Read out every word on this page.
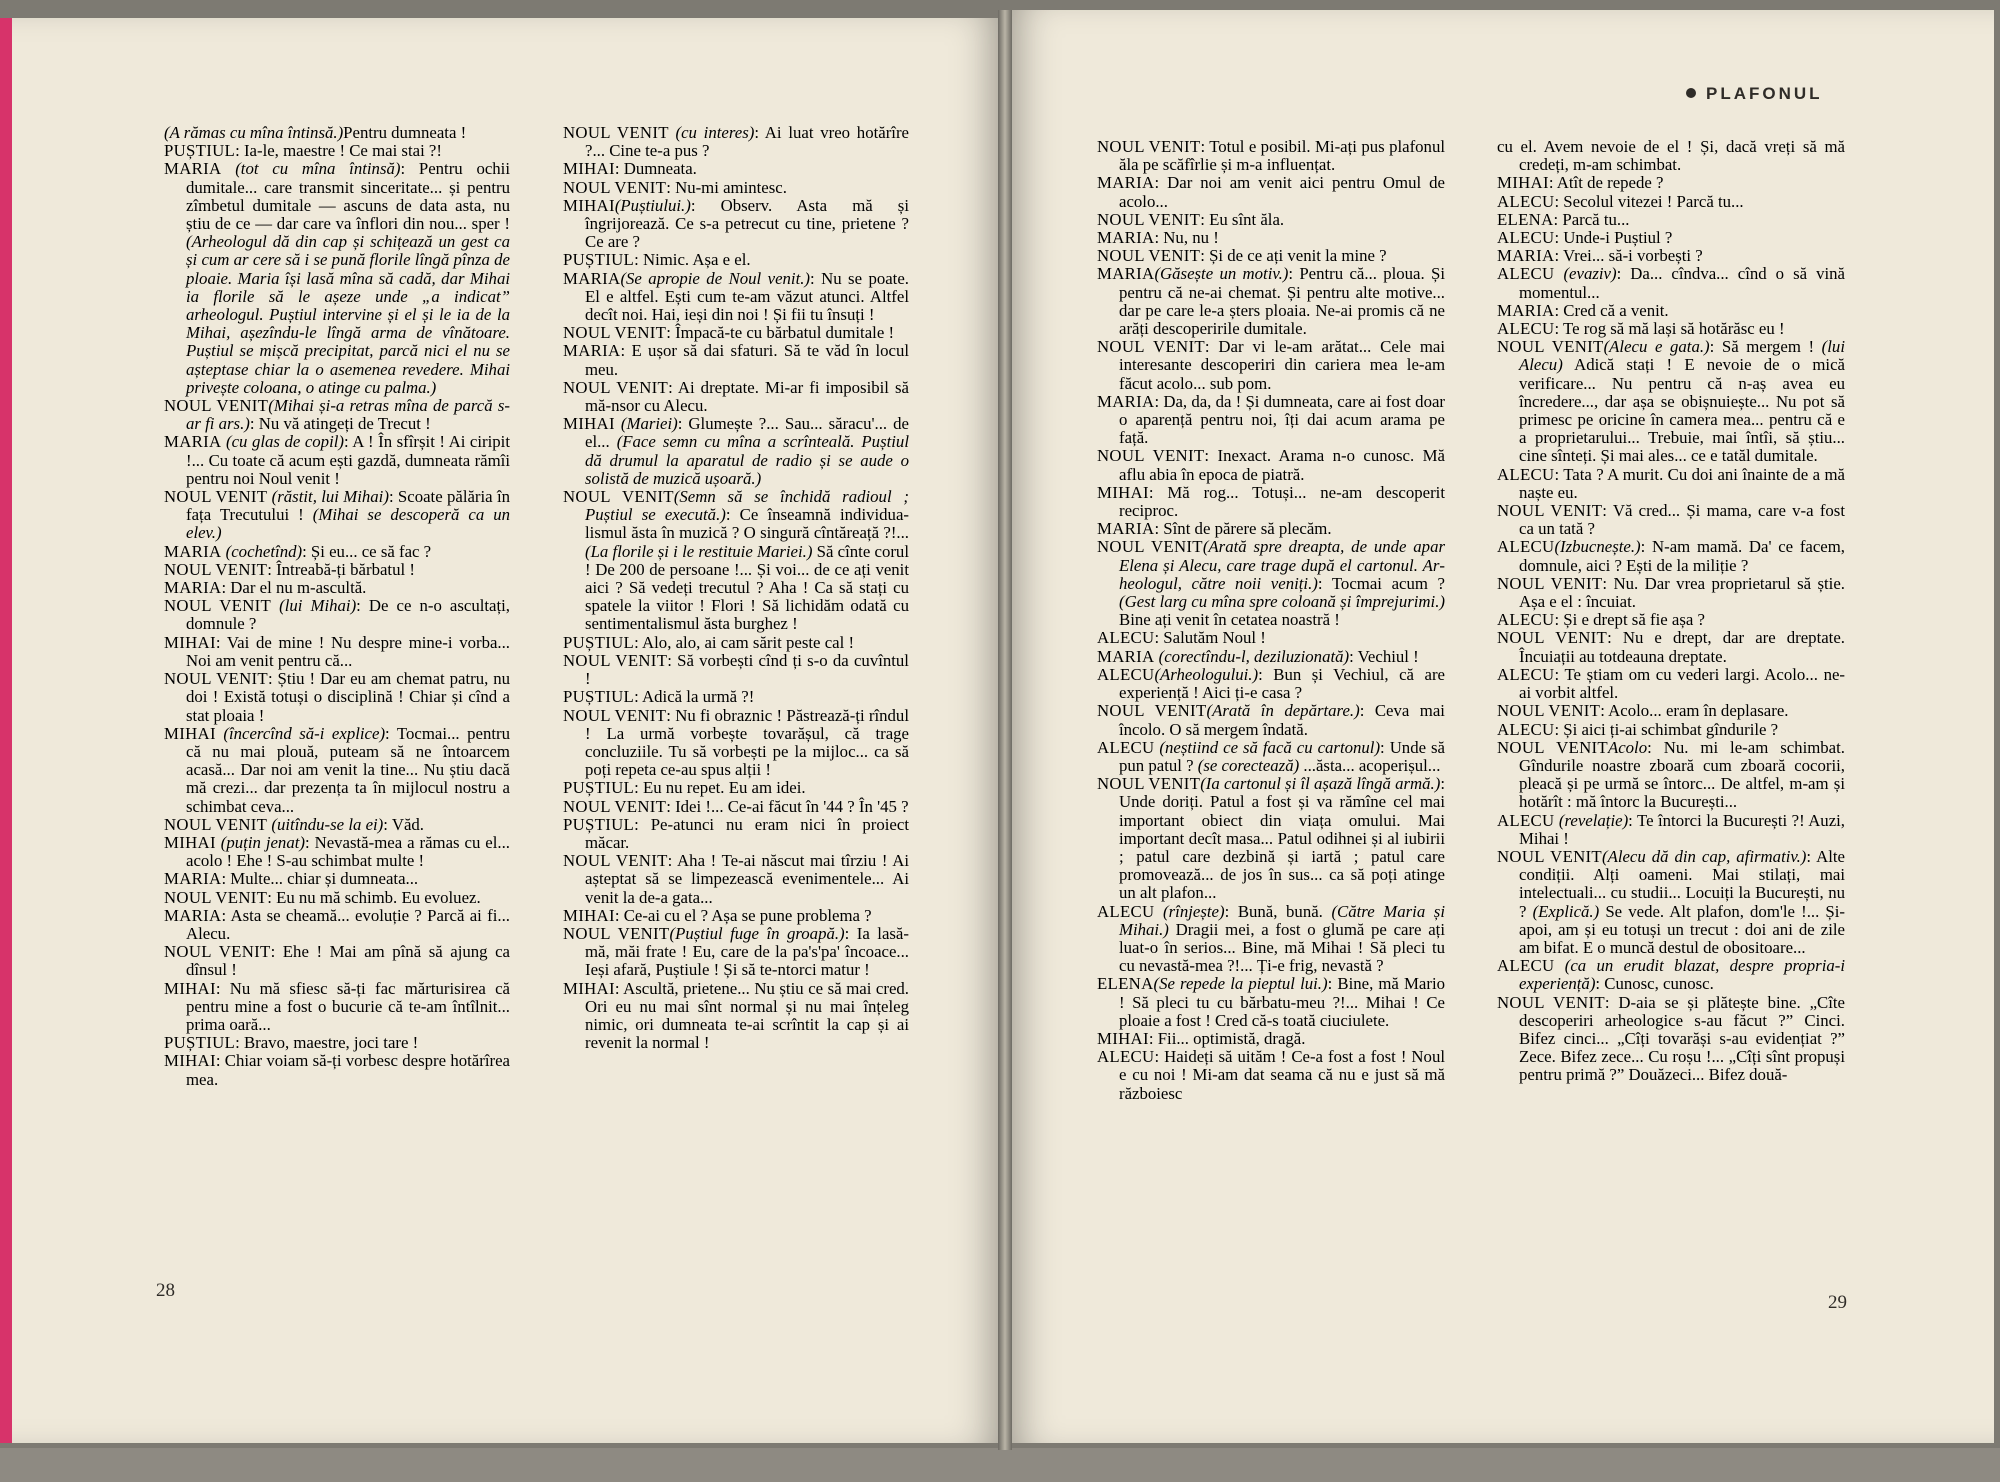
PLAFONUL

(A rămas cu mîna întinsă.)Pentru dumneata !

PUȘTIUL: Ia-le, maestre ! Ce mai stai ?!

MARIA (tot cu mîna întinsă): Pentru ochii dumitale... care transmit sinceritate... și pentru zîmbetul dumitale — ascuns de data asta, nu știu de ce — dar care va înflori din nou... sper ! (Arheologul dă din cap și schițează un gest ca și cum ar cere să i se pună florile lîngă pînza de ploaie. Maria își lasă mîna să cadă, dar Mihai ia florile să le așeze unde „a indicat” arheologul. Puștiul intervine și el și le ia de la Mihai, așezîndu-le lîngă arma de vînătoare. Puștiul se mișcă precipitat, parcă nici el nu se așteptase chiar la o asemenea revedere. Mihai privește coloana, o atinge cu palma.)

NOUL VENIT(Mihai și-a retras mîna de parcă s-ar fi ars.): Nu vă atingeți de Trecut !

MARIA (cu glas de copil): A ! În sfîrșit ! Ai ciripit !... Cu toate că acum ești gazdă, dumneata rămîi pentru noi Noul venit !

NOUL VENIT (răstit, lui Mihai): Scoate pălăria în fața Trecutului ! (Mihai se descoperă ca un elev.)

MARIA (cochetînd): Și eu... ce să fac ?

NOUL VENIT: Întreabă-ți bărbatul !

MARIA: Dar el nu m-ascultă.

NOUL VENIT (lui Mihai): De ce n-o ascultați, domnule ?

MIHAI: Vai de mine ! Nu despre mine-i vorba... Noi am venit pentru că...

NOUL VENIT: Știu ! Dar eu am chemat patru, nu doi ! Există totuși o disciplină ! Chiar și cînd a stat ploaia !

MIHAI (încercînd să-i explice): Tocmai... pentru că nu mai plouă, puteam să ne întoarcem acasă... Dar noi am venit la tine... Nu știu dacă mă crezi... dar prezența ta în mijlocul nostru a schimbat ceva...

NOUL VENIT (uitîndu-se la ei): Văd.

MIHAI (puțin jenat): Nevastă-mea a rămas cu el... acolo ! Ehe ! S-au schimbat multe !

MARIA: Multe... chiar și dumneata...

NOUL VENIT: Eu nu mă schimb. Eu evoluez.

MARIA: Asta se cheamă... evoluție ? Parcă ai fi... Alecu.

NOUL VENIT: Ehe ! Mai am pînă să ajung ca dînsul !

MIHAI: Nu mă sfiesc să-ți fac mărturisirea că pentru mine a fost o bucurie că te-am întîlnit... prima oară...

PUȘTIUL: Bravo, maestre, joci tare !

MIHAI: Chiar voiam să-ți vorbesc despre hotărîrea mea.

NOUL VENIT (cu interes): Ai luat vreo hotărîre ?... Cine te-a pus ?

MIHAI: Dumneata.

NOUL VENIT: Nu-mi amintesc.

MIHAI(Puștiului.): Observ. Asta mă și îngrijorează. Ce s-a petrecut cu tine, prietene ? Ce are ?

PUȘTIUL: Nimic. Așa e el.

MARIA(Se apropie de Noul venit.): Nu se poate. El e altfel. Ești cum te-am văzut atunci. Altfel decît noi. Hai, ieși din noi ! Și fii tu însuți !

NOUL VENIT: Împacă-te cu bărbatul dumitale !

MARIA: E ușor să dai sfaturi. Să te văd în locul meu.

NOUL VENIT: Ai dreptate. Mi-ar fi imposibil să mă-nsor cu Alecu.

MIHAI (Mariei): Glumește ?... Sau... săracu'... de el... (Face semn cu mîna a scrînteală. Puștiul dă drumul la aparatul de radio și se aude o solistă de muzică ușoară.)

NOUL VENIT(Semn să se închidă radioul ; Puștiul se execută.): Ce înseamnă individualismul ăsta în muzică ? O singură cîntăreață ?!... (La florile și i le restituie Mariei.) Să cînte corul ! De 200 de persoane !... Și voi... de ce ați venit aici ? Să vedeți trecutul ? Aha ! Ca să stați cu spatele la viitor ! Flori ! Să lichidăm odată cu sentimentalismul ăsta burghez !

PUȘTIUL: Alo, alo, ai cam sărit peste cal !

NOUL VENIT: Să vorbești cînd ți s-o da cuvîntul !

PUȘTIUL: Adică la urmă ?!

NOUL VENIT: Nu fi obraznic ! Păstrează-ți rîndul ! La urmă vorbește tovarășul, că trage concluziile. Tu să vorbești pe la mijloc... ca să poți repeta ce-au spus alții !

PUȘTIUL: Eu nu repet. Eu am idei.

NOUL VENIT: Idei !... Ce-ai făcut în '44 ? În '45 ?

PUȘTIUL: Pe-atunci nu eram nici în proiect măcar.

NOUL VENIT: Aha ! Te-ai născut mai tîrziu ! Ai așteptat să se limpezească evenimentele... Ai venit la de-a gata...

MIHAI: Ce-ai cu el ? Așa se pune problema ?

NOUL VENIT(Puștiul fuge în groapă.): Ia lasă-mă, măi frate ! Eu, care de la pa's'pa' încoace... Ieși afară, Puștiule ! Și să te-ntorci matur !

MIHAI: Ascultă, prietene... Nu știu ce să mai cred. Ori eu nu mai sînt normal și nu mai înțeleg nimic, ori dumneata te-ai scrîntit la cap și ai revenit la normal !

NOUL VENIT: Totul e posibil. Mi-ați pus plafonul ăla pe scăfîrlie și m-a influențat.

MARIA: Dar noi am venit aici pentru Omul de acolo...

NOUL VENIT: Eu sînt ăla.

MARIA: Nu, nu !

NOUL VENIT: Și de ce ați venit la mine ?

MARIA(Găsește un motiv.): Pentru că... ploua. Și pentru că ne-ai chemat. Și pentru alte motive... dar pe care le-a șters ploaia. Ne-ai promis că ne arăți descoperirile dumitale.

NOUL VENIT: Dar vi le-am arătat... Cele mai interesante descoperiri din cariera mea le-am făcut acolo... sub pom.

MARIA: Da, da, da ! Și dumneata, care ai fost doar o aparență pentru noi, îți dai acum arama pe față.

NOUL VENIT: Inexact. Arama n-o cunosc. Mă aflu abia în epoca de piatră.

MIHAI: Mă rog... Totuși... ne-am descoperit reciproc.

MARIA: Sînt de părere să plecăm.

NOUL VENIT(Arată spre dreapta, de unde apar Elena și Alecu, care trage după el cartonul. Arheologul, către noii veniți.): Tocmai acum ? (Gest larg cu mîna spre coloană și împrejurimi.) Bine ați venit în cetatea noastră !

ALECU: Salutăm Noul !

MARIA (corectîndu-l, deziluzionată): Vechiul !

ALECU(Arheologului.): Bun și Vechiul, că are experiență ! Aici ți-e casa ?

NOUL VENIT(Arată în depărtare.): Ceva mai încolo. O să mergem îndată.

ALECU (neștiind ce să facă cu cartonul): Unde să pun patul ? (se corectează) ...ăsta... acoperișul...

NOUL VENIT(Ia cartonul și îl așază lîngă armă.): Unde doriți. Patul a fost și va rămîne cel mai important obiect din viața omului. Mai important decît masa... Patul odihnei și al iubirii ; patul care dezbină și iartă ; patul care promovează... de jos în sus... ca să poți atinge un alt plafon...

ALECU (rînjește): Bună, bună. (Către Maria și Mihai.) Dragii mei, a fost o glumă pe care ați luat-o în serios... Bine, mă Mihai ! Să pleci tu cu nevastă-mea ?!... Ți-e frig, nevastă ?

ELENA(Se repede la pieptul lui.): Bine, mă Mario ! Să pleci tu cu bărbatu-meu ?!... Mihai ! Ce ploaie a fost ! Cred că-s toată ciuciulete.

MIHAI: Fii... optimistă, dragă.

ALECU: Haideți să uităm ! Ce-a fost a fost ! Noul e cu noi ! Mi-am dat seama că nu e just să mă războiesc

cu el. Avem nevoie de el ! Și, dacă vreți să mă credeți, m-am schimbat.

MIHAI: Atît de repede ?

ALECU: Secolul vitezei ! Parcă tu...

ELENA: Parcă tu...

ALECU: Unde-i Puștiul ?

MARIA: Vrei... să-i vorbești ?

ALECU (evaziv): Da... cîndva... cînd o să vină momentul...

MARIA: Cred că a venit.

ALECU: Te rog să mă lași să hotărăsc eu !

NOUL VENIT(Alecu e gata.): Să mergem ! (lui Alecu) Adică stați ! E nevoie de o mică verificare... Nu pentru că n-aș avea eu încredere..., dar așa se obișnuiește... Nu pot să primesc pe oricine în camera mea... pentru că e a proprietarului... Trebuie, mai întîi, să știu... cine sînteți. Și mai ales... ce e tatăl dumitale.

ALECU: Tata ? A murit. Cu doi ani înainte de a mă naște eu.

NOUL VENIT: Vă cred... Și mama, care v-a fost ca un tată ?

ALECU(Izbucnește.): N-am mamă. Da' ce facem, domnule, aici ? Ești de la miliție ?

NOUL VENIT: Nu. Dar vrea proprietarul să știe. Așa e el : încuiat.

ALECU: Și e drept să fie așa ?

NOUL VENIT: Nu e drept, dar are dreptate. Încuiații au totdeauna dreptate.

ALECU: Te știam om cu vederi largi. Acolo... ne-ai vorbit altfel.

NOUL VENIT: Acolo... eram în deplasare.

ALECU: Și aici ți-ai schimbat gîndurile ?

NOUL VENITAcolo: Nu. mi le-am schimbat. Gîndurile noastre zboară cum zboară cocorii, pleacă și pe urmă se întorc... De altfel, m-am și hotărît : mă întorc la București...

ALECU (revelație): Te întorci la București ?! Auzi, Mihai !

NOUL VENIT(Alecu dă din cap, afirmativ.): Alte condiții. Alți oameni. Mai stilați, mai intelectuali... cu studii... Locuiți la București, nu ? (Explică.) Se vede. Alt plafon, dom'le !... Și-apoi, am și eu totuși un trecut : doi ani de zile am bifat. E o muncă destul de obositoare...

ALECU (ca un erudit blazat, despre propria-i experiență): Cunosc, cunosc.

NOUL VENIT: D-aia se și plătește bine. „Cîte descoperiri arheologice s-au făcut ?” Cinci. Bifez cinci... „Cîți tovarăși s-au evidențiat ?” Zece. Bifez zece... Cu roșu !... „Cîți sînt propuși pentru primă ?” Douăzeci... Bifez două-

28
29
